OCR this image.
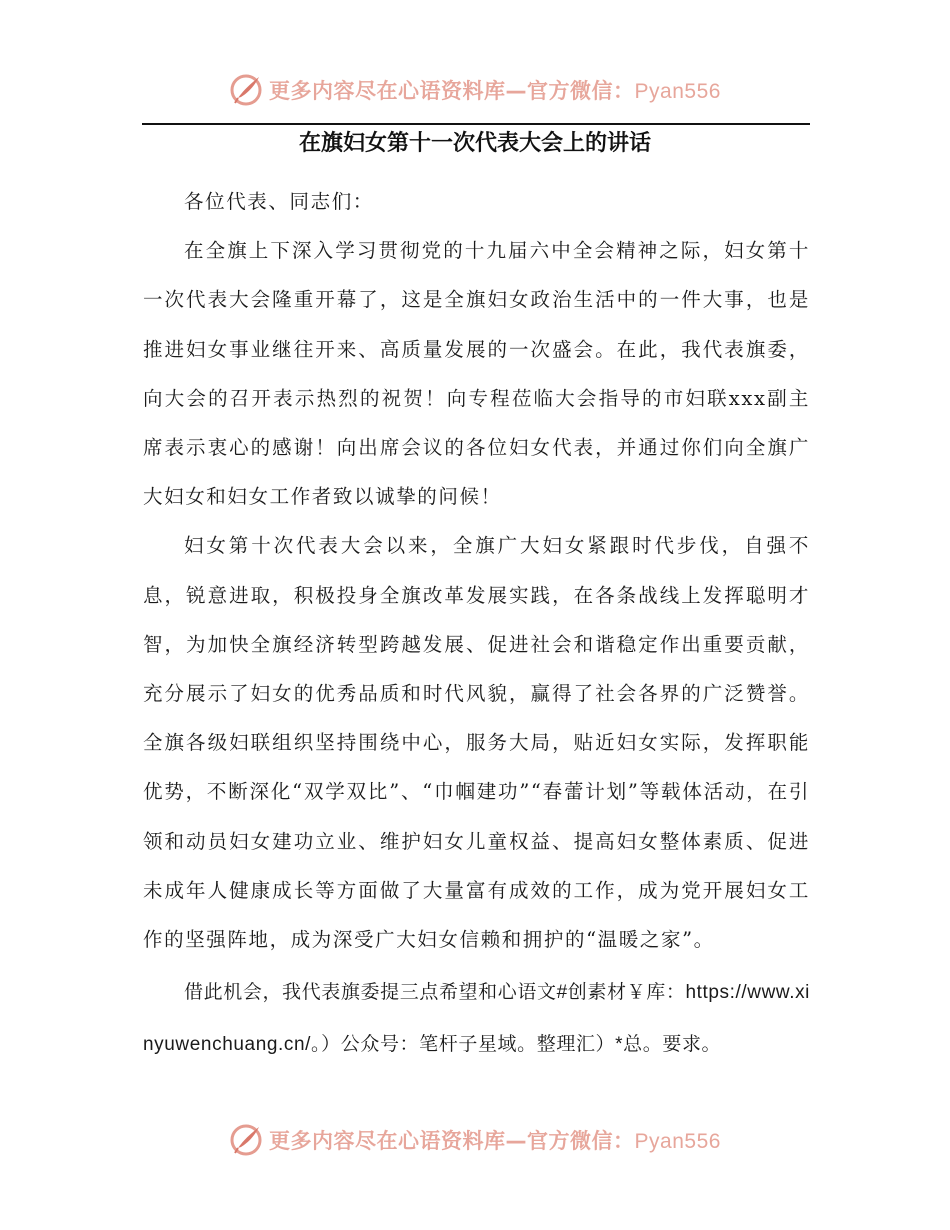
更多内容尽在心语资料库—官方微信：Pyan556
在旗妇女第十一次代表大会上的讲话

各位代表、同志们：

在全旗上下深入学习贯彻党的十九届六中全会精神之际，妇女第十一次代表大会隆重开幕了，这是全旗妇女政治生活中的一件大事，也是推进妇女事业继往开来、高质量发展的一次盛会。在此，我代表旗委，向大会的召开表示热烈的祝贺！向专程莅临大会指导的市妇联xxx副主席表示衷心的感谢！向出席会议的各位妇女代表，并通过你们向全旗广大妇女和妇女工作者致以诚挚的问候！

妇女第十次代表大会以来，全旗广大妇女紧跟时代步伐，自强不息，锐意进取，积极投身全旗改革发展实践，在各条战线上发挥聪明才智，为加快全旗经济转型跨越发展、促进社会和谐稳定作出重要贡献，充分展示了妇女的优秀品质和时代风貌，赢得了社会各界的广泛赞誉。全旗各级妇联组织坚持围绕中心，服务大局，贴近妇女实际，发挥职能优势，不断深化“双学双比”、“巾帼建功”“春蕾计划”等载体活动，在引领和动员妇女建功立业、维护妇女儿童权益、提高妇女整体素质、促进未成年人健康成长等方面做了大量富有成效的工作，成为党开展妇女工作的坚强阵地，成为深受广大妇女信赖和拥护的“温暖之家”。

借此机会，我代表旗委提三点希望和心语文#创素材￥库：https://www.xinyuwenchuang.cn/。）公众号：笔杆子星域。整理汇）*总。要求。

更多内容尽在心语资料库—官方微信：Pyan556
